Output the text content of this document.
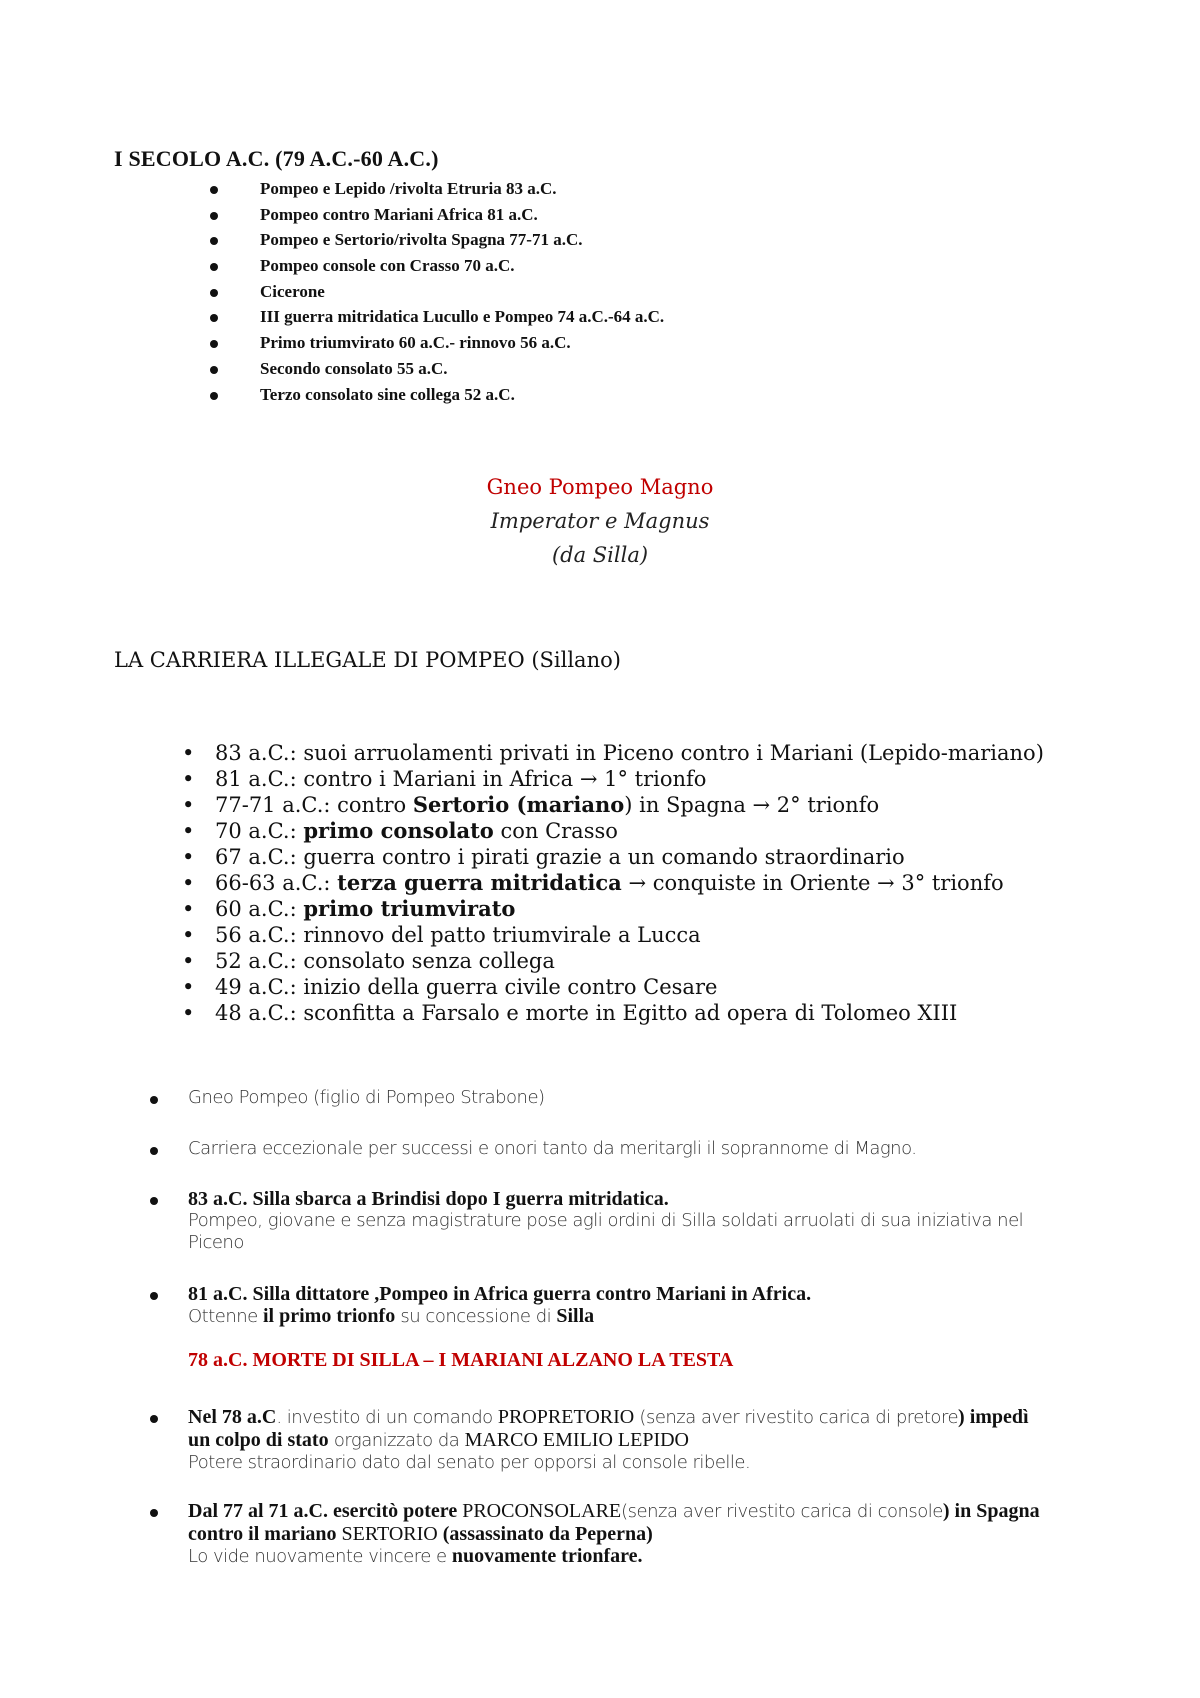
I SECOLO A.C. (79 A.C.-60 A.C.)
Pompeo e Lepido /rivolta Etruria 83 a.C.
Pompeo contro Mariani Africa 81 a.C.
Pompeo e Sertorio/rivolta Spagna 77-71 a.C.
Pompeo console con Crasso 70 a.C.
Cicerone
III guerra mitridatica Lucullo e Pompeo 74 a.C.-64 a.C.
Primo triumvirato 60 a.C.- rinnovo 56 a.C.
Secondo consolato 55 a.C.
Terzo consolato sine collega 52 a.C.
Gneo Pompeo Magno
Imperator e Magnus
(da Silla)
LA CARRIERA ILLEGALE DI POMPEO (Sillano)
• 83 a.C.: suoi arruolamenti privati in Piceno contro i Mariani (Lepido-mariano)
• 81 a.C.: contro i Mariani in Africa → 1° trionfo
• 77-71 a.C.: contro Sertorio (mariano) in Spagna → 2° trionfo
• 70 a.C.: primo consolato con Crasso
• 67 a.C.: guerra contro i pirati grazie a un comando straordinario
• 66-63 a.C.: terza guerra mitridatica → conquiste in Oriente → 3° trionfo
• 60 a.C.: primo triumvirato
• 56 a.C.: rinnovo del patto triumvirale a Lucca
• 52 a.C.: consolato senza collega
• 49 a.C.: inizio della guerra civile contro Cesare
• 48 a.C.: sconfitta a Farsalo e morte in Egitto ad opera di Tolomeo XIII
Gneo Pompeo (figlio di Pompeo Strabone)
Carriera eccezionale per successi e onori tanto da meritargli il soprannome di Magno.
83 a.C. Silla sbarca a Brindisi dopo I guerra mitridatica.
Pompeo, giovane e senza magistrature pose agli ordini di Silla soldati arruolati di sua iniziativa nel Piceno
81 a.C. Silla dittatore ,Pompeo in Africa guerra contro Mariani in Africa.
Ottenne il primo trionfo su concessione di Silla
78 a.C. MORTE DI SILLA – I MARIANI ALZANO LA TESTA
Nel 78 a.C. investito di un comando PROPRETORIO (senza aver rivestito carica di pretore) impedì un colpo di stato organizzato da MARCO EMILIO LEPIDO
Potere straordinario dato dal senato per opporsi al console ribelle.
Dal 77 al 71 a.C. esercitò potere PROCONSOLARE(senza aver rivestito carica di console) in Spagna contro il mariano SERTORIO (assassinato da Peperna)
Lo vide nuovamente vincere e nuovamente trionfare.
